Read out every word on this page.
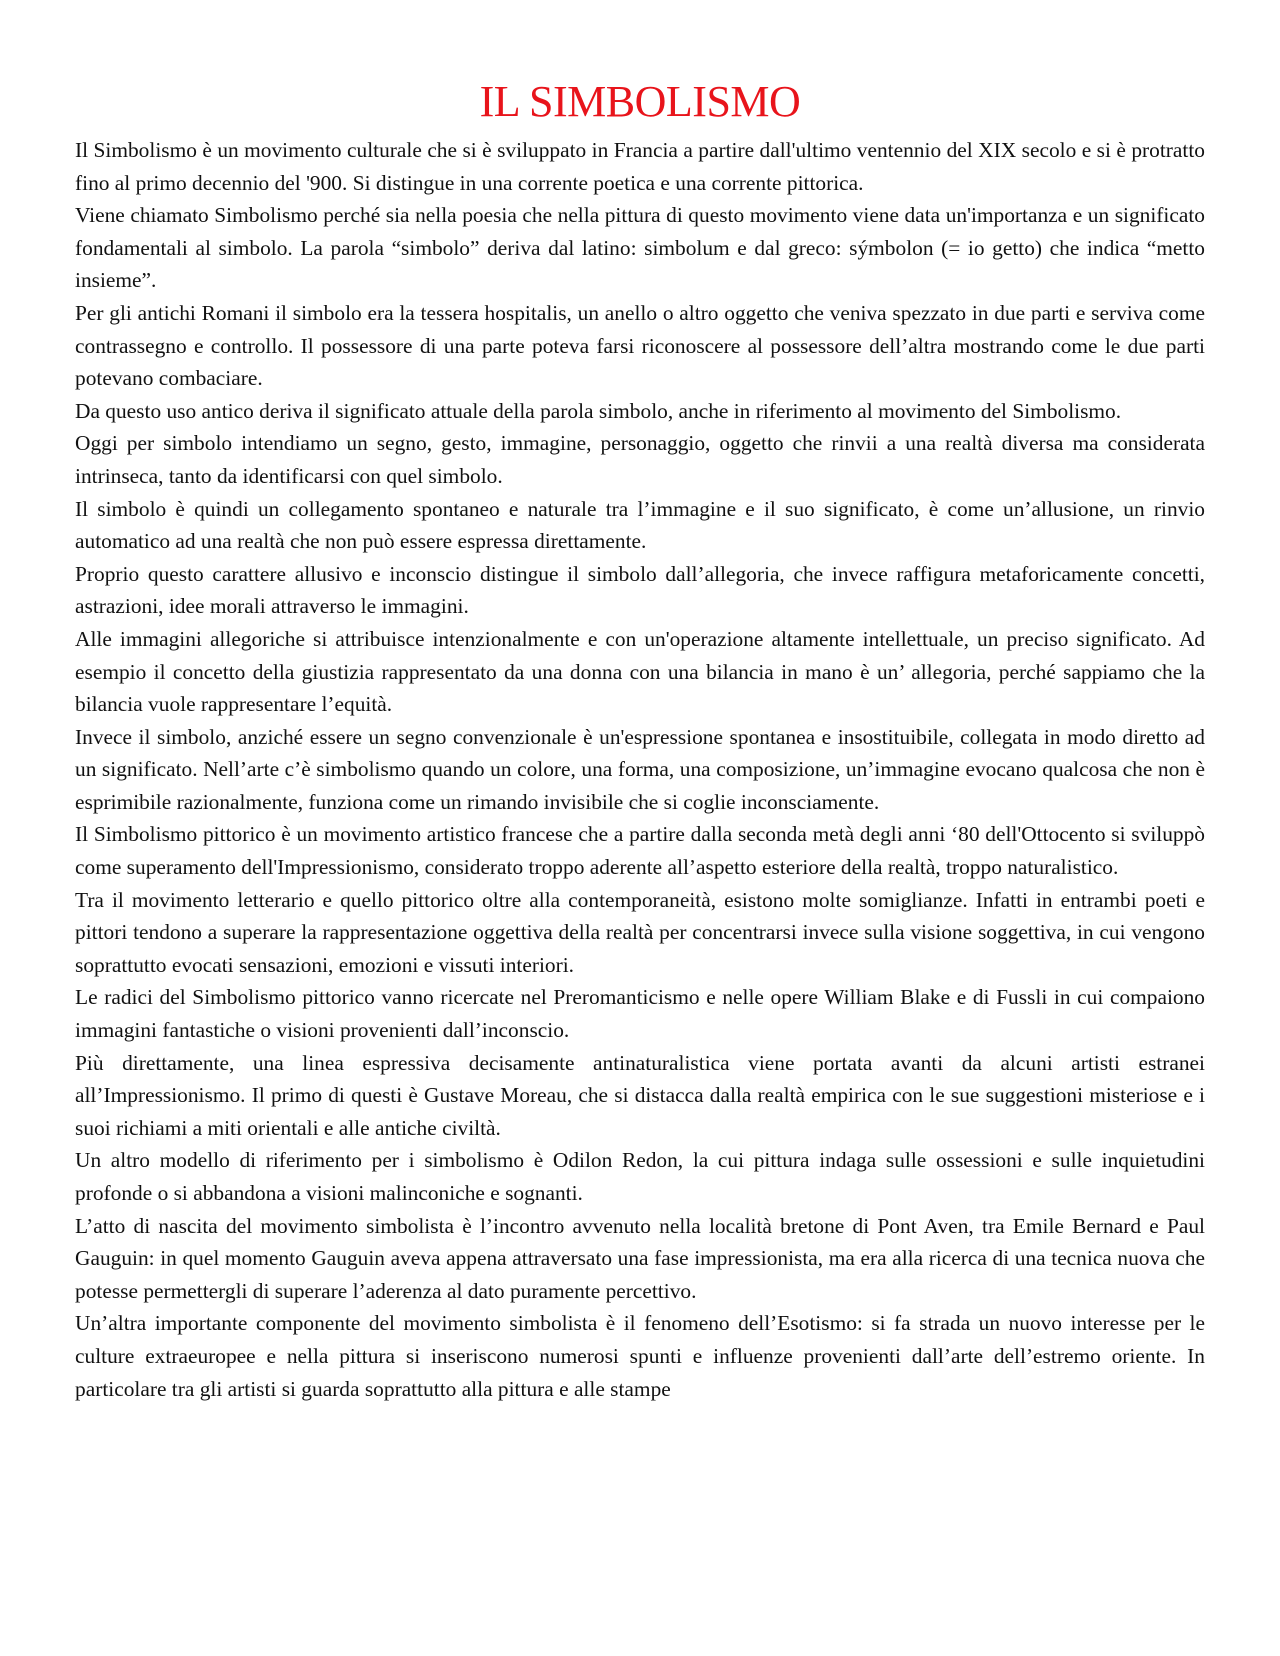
IL SIMBOLISMO

Il Simbolismo è un movimento culturale che si è sviluppato in Francia a partire dall'ultimo ventennio del XIX secolo e si è protratto fino al primo decennio del '900. Si distingue in una corrente poetica e una corrente pittorica.

Viene chiamato Simbolismo perché sia nella poesia che nella pittura di questo movimento viene data un'importanza e un significato fondamentali al simbolo. La parola “simbolo” deriva dal latino: simbolum e dal greco: sýmbolon (= io getto) che indica “metto insieme”.

Per gli antichi Romani il simbolo era la tessera hospitalis, un anello o altro oggetto che veniva spezzato in due parti e serviva come contrassegno e controllo. Il possessore di una parte poteva farsi riconoscere al possessore dell’altra mostrando come le due parti potevano combaciare.

Da questo uso antico deriva il significato attuale della parola simbolo, anche in riferimento al movimento del Simbolismo.

Oggi per simbolo intendiamo un segno, gesto, immagine, personaggio, oggetto che rinvii a una realtà diversa ma considerata intrinseca, tanto da identificarsi con quel simbolo.

Il simbolo è quindi un collegamento spontaneo e naturale tra l’immagine e il suo significato, è come un’allusione, un rinvio automatico ad una realtà che non può essere espressa direttamente.

Proprio questo carattere allusivo e inconscio distingue il simbolo dall’allegoria, che invece raffigura metaforicamente concetti, astrazioni, idee morali attraverso le immagini.

Alle immagini allegoriche si attribuisce intenzionalmente e con un'operazione altamente intellettuale, un preciso significato. Ad esempio il concetto della giustizia rappresentato da una donna con una bilancia in mano è un’ allegoria, perché sappiamo che la bilancia vuole rappresentare l’equità.

Invece il simbolo, anziché essere un segno convenzionale è un'espressione spontanea e insostituibile, collegata in modo diretto ad un significato. Nell’arte c’è simbolismo quando un colore, una forma, una composizione, un’immagine evocano qualcosa che non è esprimibile razionalmente, funziona come un rimando invisibile che si coglie inconsciamente.

Il Simbolismo pittorico è un movimento artistico francese che a partire dalla seconda metà degli anni ‘80 dell'Ottocento si sviluppò come superamento dell'Impressionismo, considerato troppo aderente all’aspetto esteriore della realtà, troppo naturalistico.

Tra il movimento letterario e quello pittorico oltre alla contemporaneità, esistono molte somiglianze. Infatti in entrambi poeti e pittori tendono a superare la rappresentazione oggettiva della realtà per concentrarsi invece sulla visione soggettiva, in cui vengono soprattutto evocati sensazioni, emozioni e vissuti interiori.

Le radici del Simbolismo pittorico vanno ricercate nel Preromanticismo e nelle opere William Blake e di Fussli in cui compaiono immagini fantastiche o visioni provenienti dall’inconscio.

Più direttamente, una linea espressiva decisamente antinaturalistica viene portata avanti da alcuni artisti estranei all’Impressionismo. Il primo di questi è Gustave Moreau, che si distacca dalla realtà empirica con le sue suggestioni misteriose e i suoi richiami a miti orientali e alle antiche civiltà.

Un altro modello di riferimento per i simbolismo è Odilon Redon, la cui pittura indaga sulle ossessioni e sulle inquietudini profonde o si abbandona a visioni malinconiche e sognanti.

L’atto di nascita del movimento simbolista è l’incontro avvenuto nella località bretone di Pont Aven, tra Emile Bernard e Paul Gauguin: in quel momento Gauguin aveva appena attraversato una fase impressionista, ma era alla ricerca di una tecnica nuova che potesse permettergli di superare l’aderenza al dato puramente percettivo.

Un’altra importante componente del movimento simbolista è il fenomeno dell’Esotismo: si fa strada un nuovo interesse per le culture extraeuropee e nella pittura si inseriscono numerosi spunti e influenze provenienti dall’arte dell’estremo oriente. In particolare tra gli artisti si guarda soprattutto alla pittura e alle stampe
